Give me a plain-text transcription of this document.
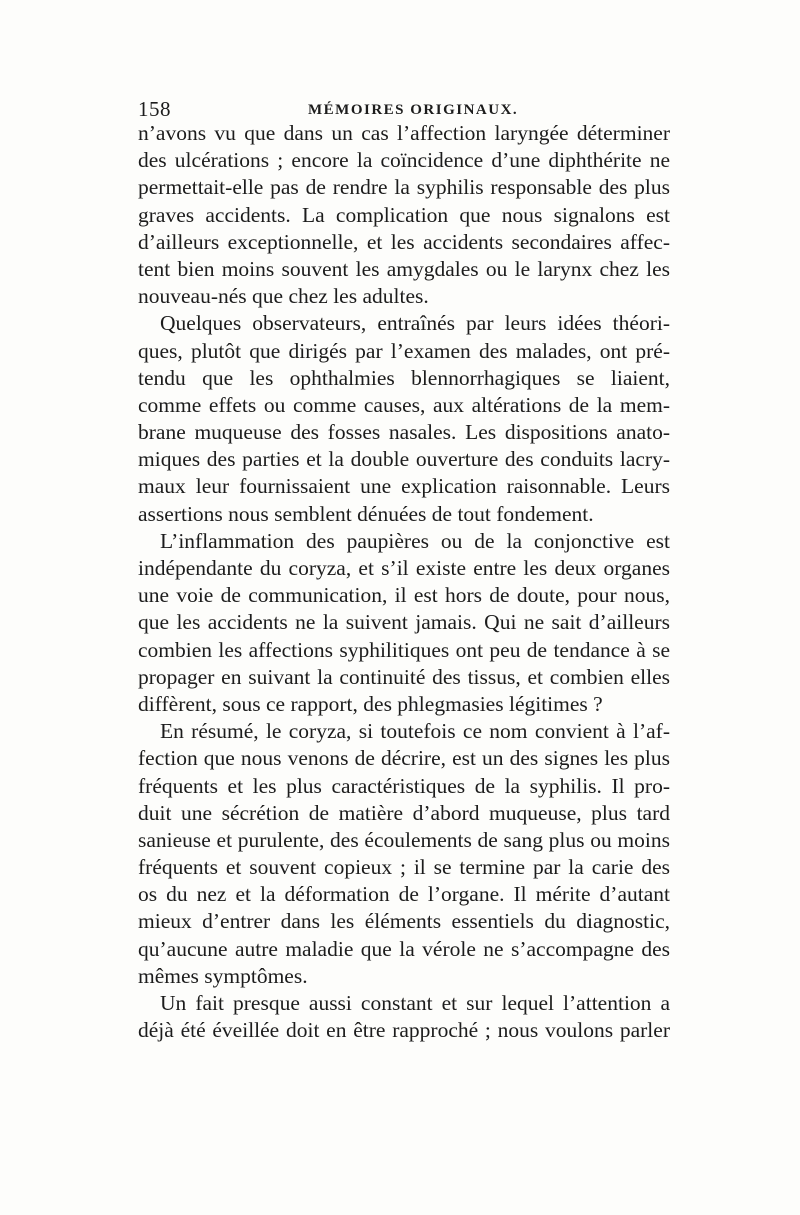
158	MÉMOIRES ORIGINAUX.
n’avons vu que dans un cas l’affection laryngée déterminer
des ulcérations ; encore la coïncidence d’une diphthérite ne
permettait-elle pas de rendre la syphilis responsable des plus
graves accidents. La complication que nous signalons est
d’ailleurs exceptionnelle, et les accidents secondaires affec-
tent bien moins souvent les amygdales ou le larynx chez les
nouveau-nés que chez les adultes.
Quelques observateurs, entraînés par leurs idées théori-
ques, plutôt que dirigés par l’examen des malades, ont pré-
tendu que les ophthalmies blennorrhagiques se liaient,
comme effets ou comme causes, aux altérations de la mem-
brane muqueuse des fosses nasales. Les dispositions anato-
miques des parties et la double ouverture des conduits lacry-
maux leur fournissaient une explication raisonnable. Leurs
assertions nous semblent dénuées de tout fondement.
L’inflammation des paupières ou de la conjonctive est
indépendante du coryza, et s’il existe entre les deux organes
une voie de communication, il est hors de doute, pour nous,
que les accidents ne la suivent jamais. Qui ne sait d’ailleurs
combien les affections syphilitiques ont peu de tendance à se
propager en suivant la continuité des tissus, et combien elles
diffèrent, sous ce rapport, des phlegmasies légitimes ?
En résumé, le coryza, si toutefois ce nom convient à l’af-
fection que nous venons de décrire, est un des signes les plus
fréquents et les plus caractéristiques de la syphilis. Il pro-
duit une sécrétion de matière d’abord muqueuse, plus tard
sanieuse et purulente, des écoulements de sang plus ou moins
fréquents et souvent copieux ; il se termine par la carie des
os du nez et la déformation de l’organe. Il mérite d’autant
mieux d’entrer dans les éléments essentiels du diagnostic,
qu’aucune autre maladie que la vérole ne s’accompagne des
mêmes symptômes.
Un fait presque aussi constant et sur lequel l’attention a
déjà été éveillée doit en être rapproché ; nous voulons parler
